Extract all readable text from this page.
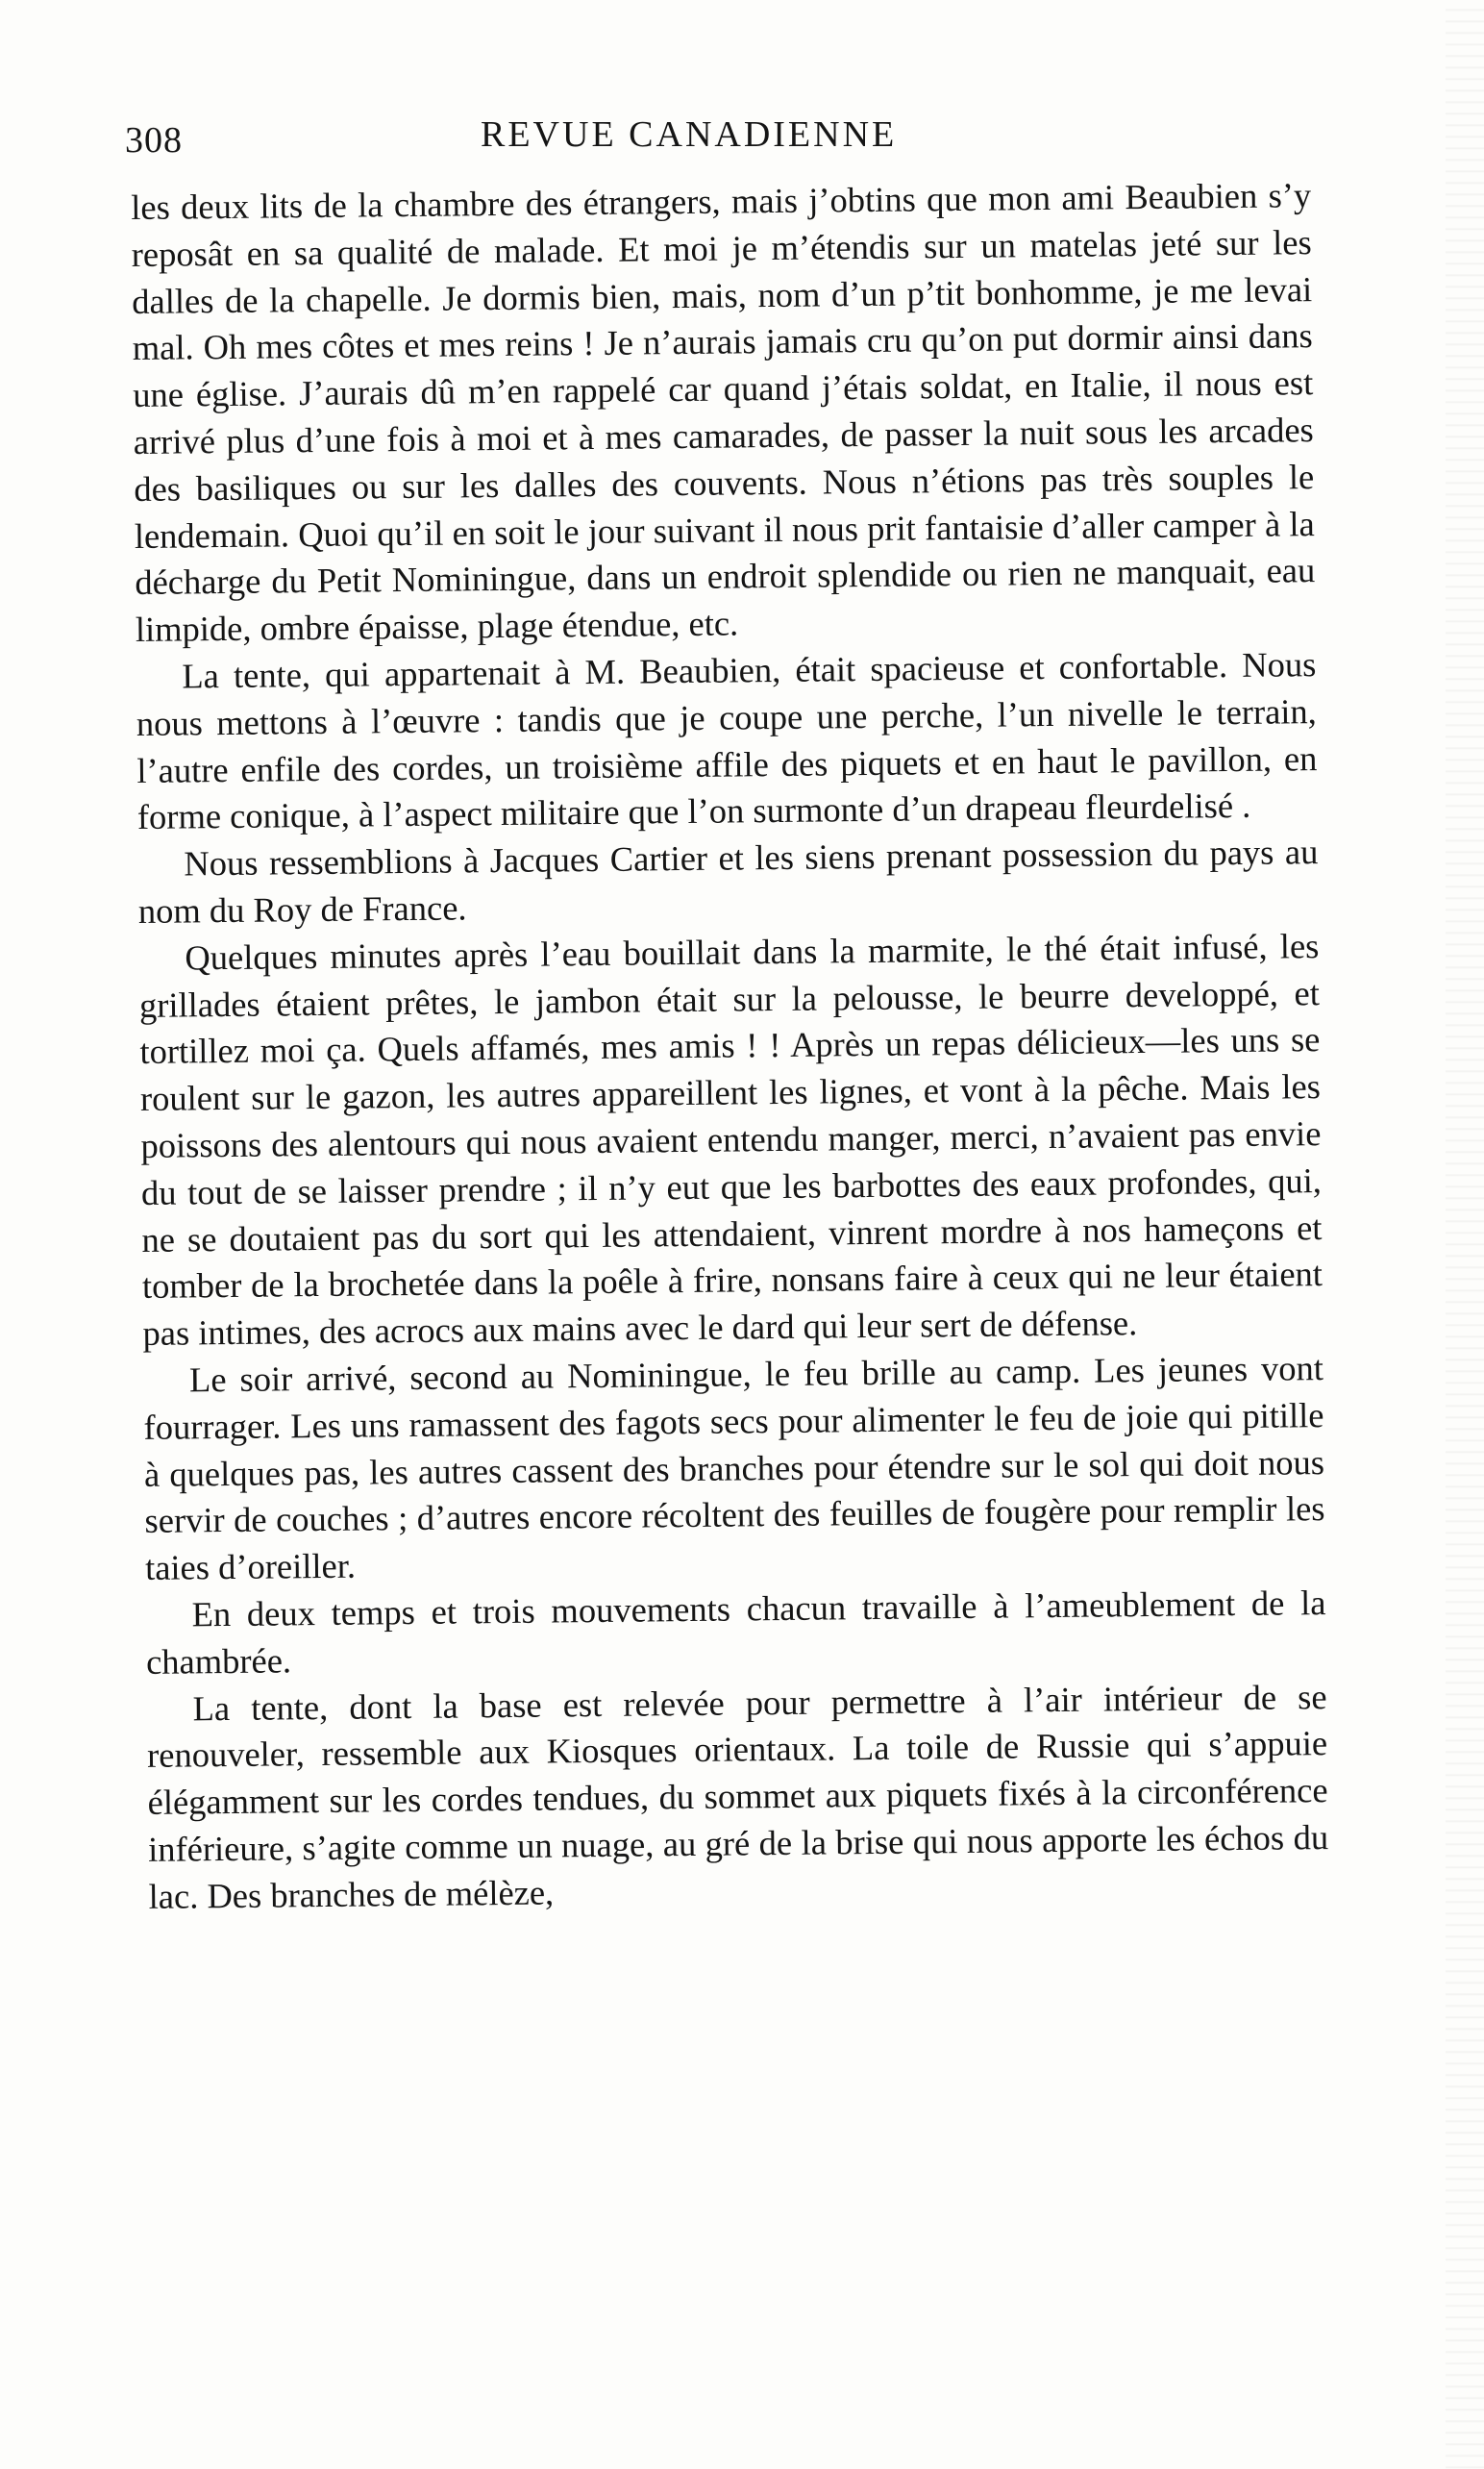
308	REVUE CANADIENNE

les deux lits de la chambre des étrangers, mais j’obtins que mon ami Beaubien s’y reposât en sa qualité de malade. Et moi je m’étendis sur un matelas jeté sur les dalles de la chapelle. Je dormis bien, mais, nom d’un p’tit bonhomme, je me levai mal. Oh mes côtes et mes reins ! Je n’aurais jamais cru qu’on put dormir ainsi dans une église. J’aurais dû m’en rappelé car quand j’étais soldat, en Italie, il nous est arrivé plus d’une fois à moi et à mes camarades, de passer la nuit sous les arcades des basiliques ou sur les dalles des couvents. Nous n’étions pas très souples le lendemain. Quoi qu’il en soit le jour suivant il nous prit fantaisie d’aller camper à la décharge du Petit Nominingue, dans un endroit splendide ou rien ne manquait, eau limpide, ombre épaisse, plage étendue, etc.

La tente, qui appartenait à M. Beaubien, était spacieuse et confortable. Nous nous mettons à l’œuvre : tandis que je coupe une perche, l’un nivelle le terrain, l’autre enfile des cordes, un troisième affile des piquets et en haut le pavillon, en forme conique, à l’aspect militaire que l’on surmonte d’un drapeau fleurdelisé .

Nous ressemblions à Jacques Cartier et les siens prenant possession du pays au nom du Roy de France.

Quelques minutes après l’eau bouillait dans la marmite, le thé était infusé, les grillades étaient prêtes, le jambon était sur la pelousse, le beurre developpé, et tortillez moi ça. Quels affamés, mes amis ! ! Après un repas délicieux—les uns se roulent sur le gazon, les autres appareillent les lignes, et vont à la pêche. Mais les poissons des alentours qui nous avaient entendu manger, merci, n’avaient pas envie du tout de se laisser prendre ; il n’y eut que les barbottes des eaux profondes, qui, ne se doutaient pas du sort qui les attendaient, vinrent mordre à nos hameçons et tomber de la brochetée dans la poêle à frire, nonsans faire à ceux qui ne leur étaient pas intimes, des acrocs aux mains avec le dard qui leur sert de défense.

Le soir arrivé, second au Nominingue, le feu brille au camp. Les jeunes vont fourrager. Les uns ramassent des fagots secs pour alimenter le feu de joie qui pitille à quelques pas, les autres cassent des branches pour étendre sur le sol qui doit nous servir de couches ; d’autres encore récoltent des feuilles de fougère pour remplir les taies d’oreiller.

En deux temps et trois mouvements chacun travaille à l’ameublement de la chambrée.

La tente, dont la base est relevée pour permettre à l’air intérieur de se renouveler, ressemble aux Kiosques orientaux. La toile de Russie qui s’appuie élégamment sur les cordes tendues, du sommet aux piquets fixés à la circonférence inférieure, s’agite comme un nuage, au gré de la brise qui nous apporte les échos du lac. Des branches de mélèze,
